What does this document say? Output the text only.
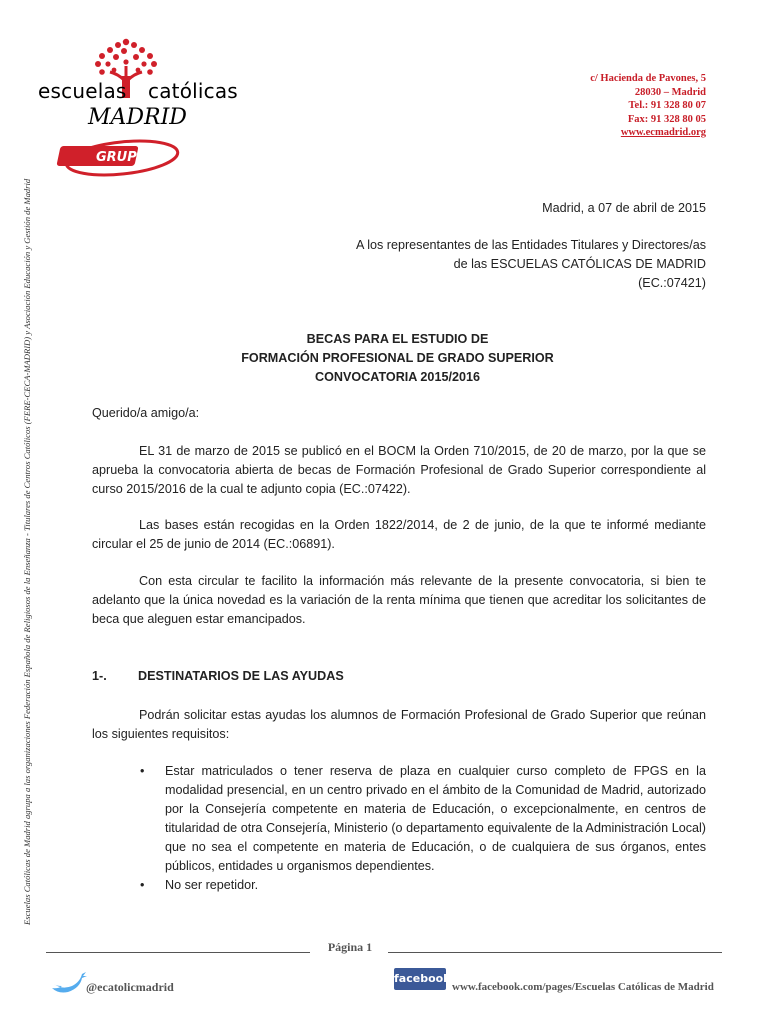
escuelas católicas
MADRID
GRUPO FP
c/ Hacienda de Pavones, 5
28030 – Madrid
Tel.: 91 328 80 07
Fax: 91 328 80 05
www.ecmadrid.org
Escuelas Católicas de Madrid agrupa a las organizaciones Federación Española de Religiosos de la Enseñanza - Titulares de Centros Católicos (FERE-CECA-MADRID) y Asociación Educación y Gestión de Madrid	Madrid, a 07 de abril de 2015
A los representantes de las Entidades Titulares y Directores/as
de las ESCUELAS CATÓLICAS DE MADRID
(EC.:07421)
BECAS PARA EL ESTUDIO DE
FORMACIÓN PROFESIONAL DE GRADO SUPERIOR
CONVOCATORIA 2015/2016
Querido/a amigo/a:

EL 31 de marzo de 2015 se publicó en el BOCM la Orden 710/2015, de 20 de marzo, por la que se aprueba la convocatoria abierta de becas de Formación Profesional de Grado Superior correspondiente al curso 2015/2016 de la cual te adjunto copia (EC.:07422).

Las bases están recogidas en la Orden 1822/2014, de 2 de junio, de la que te informé mediante circular el 25 de junio de 2014 (EC.:06891).

Con esta circular te facilito la información más relevante de la presente convocatoria, si bien te adelanto que la única novedad es la variación de la renta mínima que tienen que acreditar los solicitantes de beca que aleguen estar emancipados.

1-. DESTINATARIOS DE LAS AYUDAS

Podrán solicitar estas ayudas los alumnos de Formación Profesional de Grado Superior que reúnan los siguientes requisitos:

• Estar matriculados o tener reserva de plaza en cualquier curso completo de FPGS en la modalidad presencial, en un centro privado en el ámbito de la Comunidad de Madrid, autorizado por la Consejería competente en materia de Educación, o excepcionalmente, en centros de titularidad de otra Consejería, Ministerio (o departamento equivalente de la Administración Local) que no sea el competente en materia de Educación, o de cualquiera de sus órganos, entes públicos, entidades u organismos dependientes.
• No ser repetidor.
Página 1
@ecatolicmadrid
facebook
www.facebook.com/pages/Escuelas Católicas de Madrid
